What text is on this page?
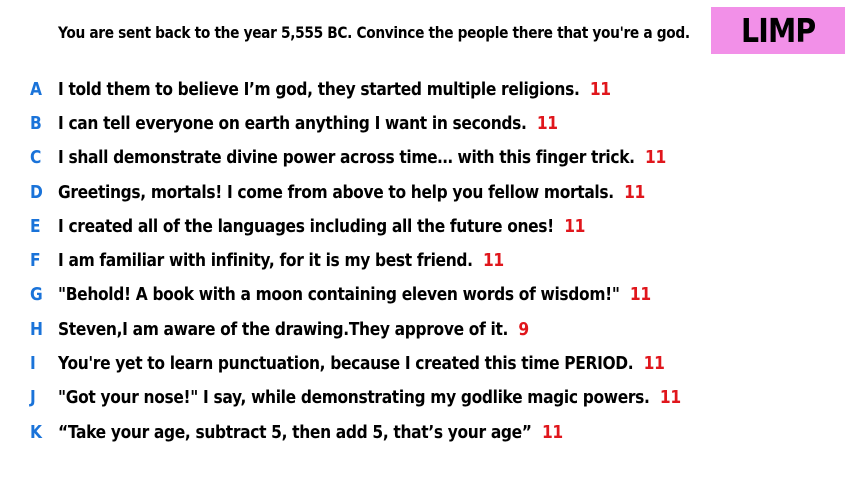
You are sent back to the year 5,555 BC. Convince the people there that you're a god. LIMP
A I told them to believe I’m god, they started multiple religions. 11
B I can tell everyone on earth anything I want in seconds. 11
C I shall demonstrate divine power across time… with this finger trick. 11
D Greetings, mortals! I come from above to help you fellow mortals. 11
E I created all of the languages including all the future ones! 11
F I am familiar with infinity, for it is my best friend. 11
G "Behold! A book with a moon containing eleven words of wisdom!" 11
H Steven,I am aware of the drawing.They approve of it. 9
I	You're yet to learn punctuation, because I created this time PERIOD. 11
J	"Got your nose!" I say, while demonstrating my godlike magic powers. 11
K “Take your age, subtract 5, then add 5, that’s your age” 11
